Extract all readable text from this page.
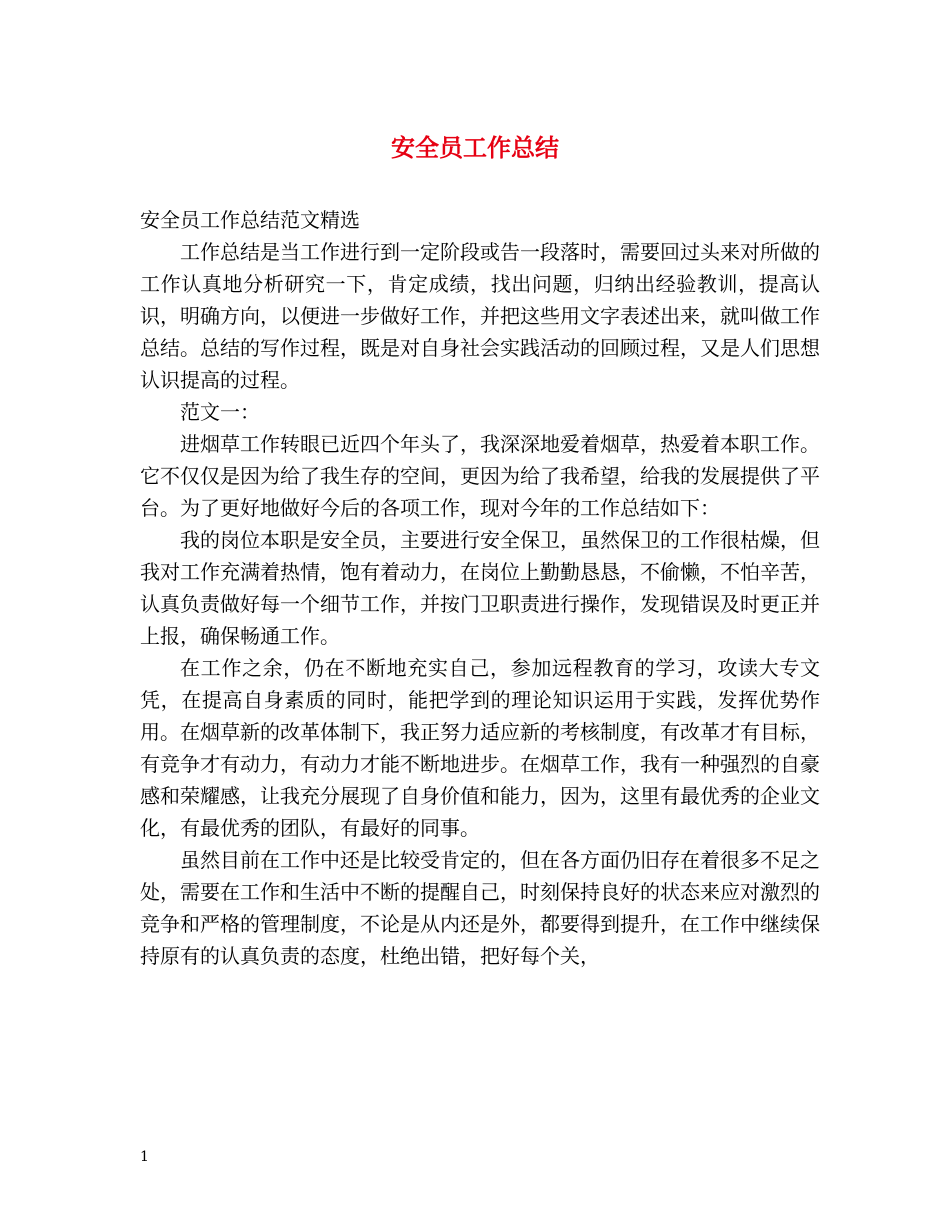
安全员工作总结

安全员工作总结范文精选

工作总结是当工作进行到一定阶段或告一段落时，需要回过头来对所做的工作认真地分析研究一下，肯定成绩，找出问题，归纳出经验教训，提高认识，明确方向，以便进一步做好工作，并把这些用文字表述出来，就叫做工作总结。总结的写作过程，既是对自身社会实践活动的回顾过程，又是人们思想认识提高的过程。

范文一：

进烟草工作转眼已近四个年头了，我深深地爱着烟草，热爱着本职工作。它不仅仅是因为给了我生存的空间，更因为给了我希望，给我的发展提供了平台。为了更好地做好今后的各项工作，现对今年的工作总结如下：

我的岗位本职是安全员，主要进行安全保卫，虽然保卫的工作很枯燥，但我对工作充满着热情，饱有着动力，在岗位上勤勤恳恳，不偷懒，不怕辛苦，认真负责做好每一个细节工作，并按门卫职责进行操作，发现错误及时更正并上报，确保畅通工作。

在工作之余，仍在不断地充实自己，参加远程教育的学习，攻读大专文凭，在提高自身素质的同时，能把学到的理论知识运用于实践，发挥优势作用。在烟草新的改革体制下，我正努力适应新的考核制度，有改革才有目标，有竞争才有动力，有动力才能不断地进步。在烟草工作，我有一种强烈的自豪感和荣耀感，让我充分展现了自身价值和能力，因为，这里有最优秀的企业文化，有最优秀的团队，有最好的同事。

虽然目前在工作中还是比较受肯定的，但在各方面仍旧存在着很多不足之处，需要在工作和生活中不断的提醒自己，时刻保持良好的状态来应对激烈的竞争和严格的管理制度，不论是从内还是外，都要得到提升，在工作中继续保持原有的认真负责的态度，杜绝出错，把好每个关，

1
